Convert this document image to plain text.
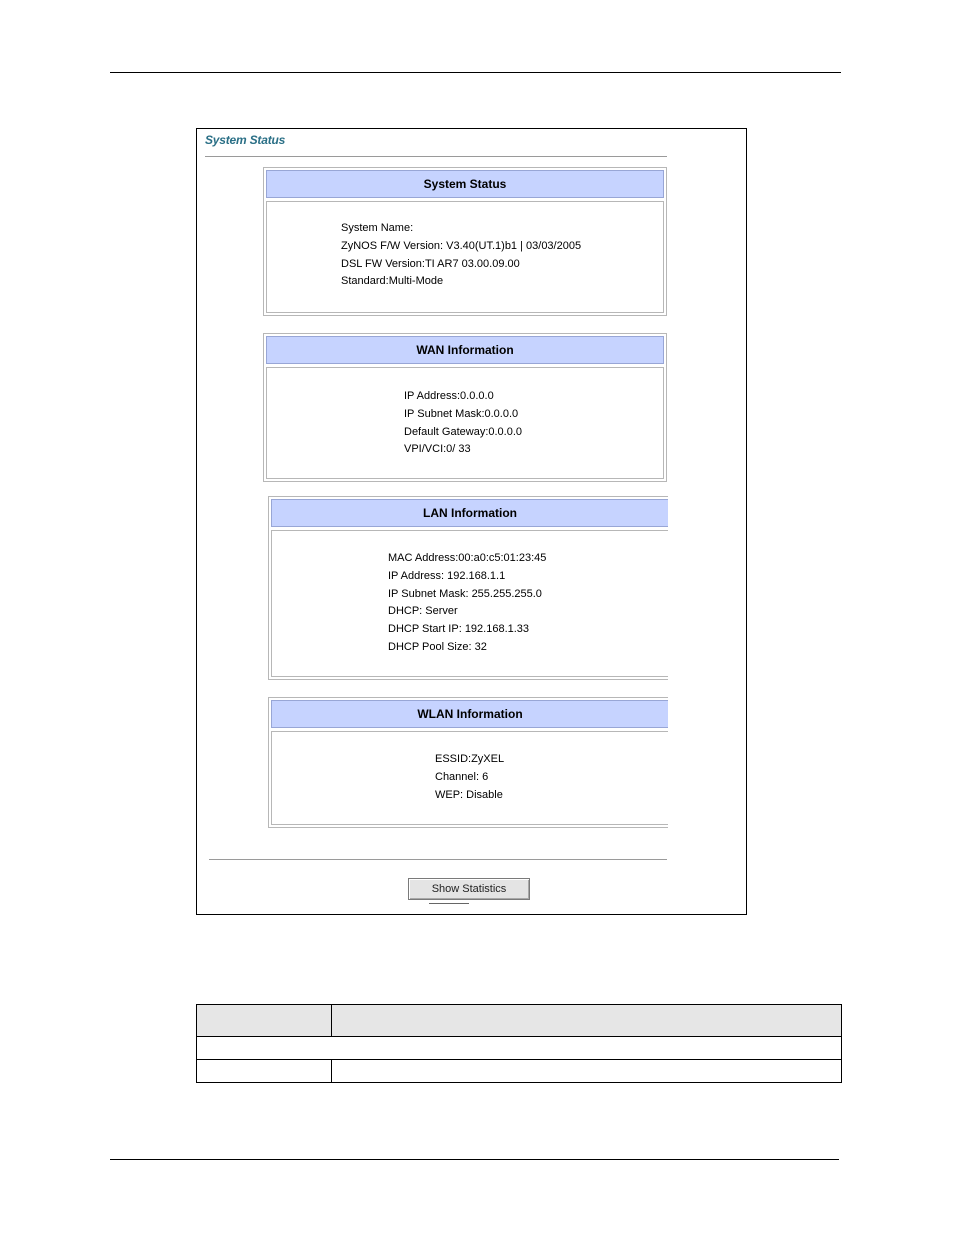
System Status
System Status
System Name:
ZyNOS F/W Version: V3.40(UT.1)b1 | 03/03/2005
DSL FW Version:TI AR7 03.00.09.00
Standard:Multi-Mode
WAN Information
IP Address:0.0.0.0
IP Subnet Mask:0.0.0.0
Default Gateway:0.0.0.0
VPI/VCI:0/ 33
LAN Information
MAC Address:00:a0:c5:01:23:45
IP Address: 192.168.1.1
IP Subnet Mask: 255.255.255.0
DHCP: Server
DHCP Start IP: 192.168.1.33
DHCP Pool Size: 32
WLAN Information
ESSID:ZyXEL
Channel: 6
WEP: Disable
Show Statistics
